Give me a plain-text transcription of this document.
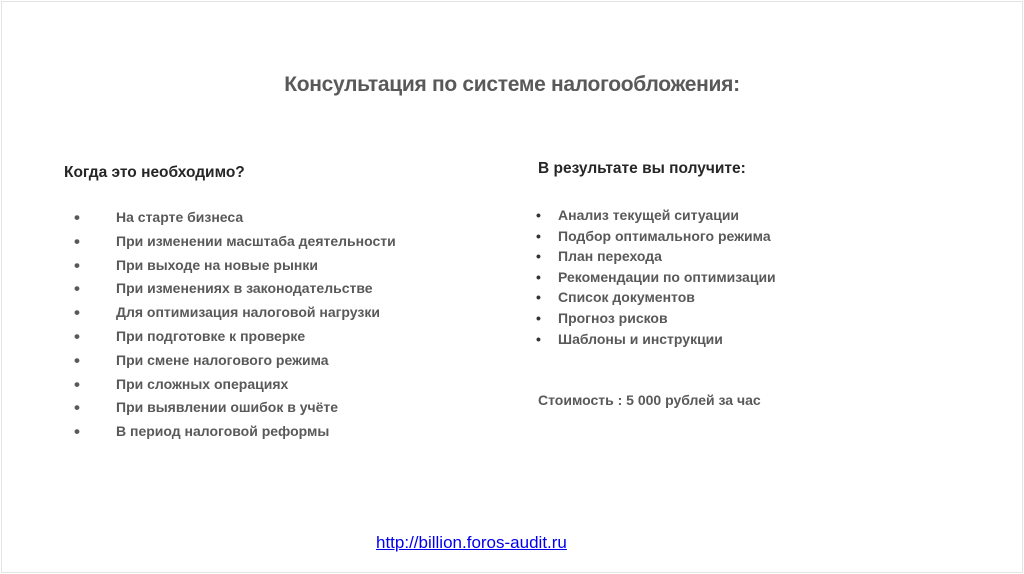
Консультация по системе налогообложения:
Когда это необходимо?
• На старте бизнеса
• При изменении масштаба деятельности
• При выходе на новые рынки
• При изменениях в законодательстве
• Для оптимизация налоговой нагрузки
• При подготовке к проверке
• При смене налогового режима
• При сложных операциях
• При выявлении ошибок в учёте
• В период налоговой реформы
В результате вы получите:
• Анализ текущей ситуации
• Подбор оптимального режима
• План перехода
• Рекомендации по оптимизации
• Список документов
• Прогноз рисков
• Шаблоны и инструкции
Стоимость : 5 000 рублей за час
http://billion.foros-audit.ru
